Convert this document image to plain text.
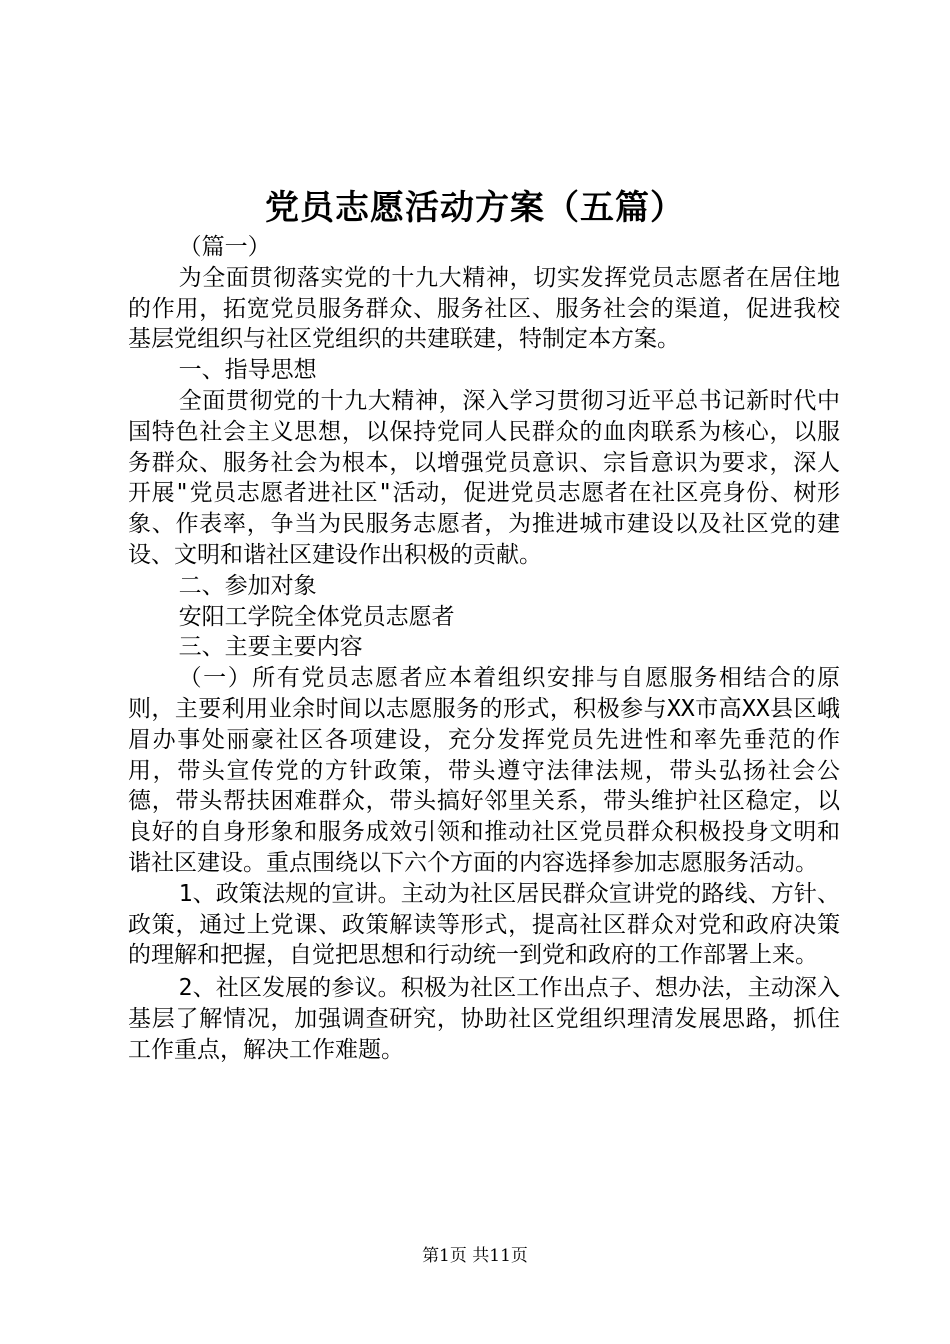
党员志愿活动方案（五篇）

（篇一）

为全面贯彻落实党的十九大精神，切实发挥党员志愿者在居住地的作用，拓宽党员服务群众、服务社区、服务社会的渠道，促进我校基层党组织与社区党组织的共建联建，特制定本方案。

一、指导思想

全面贯彻党的十九大精神，深入学习贯彻习近平总书记新时代中国特色社会主义思想，以保持党同人民群众的血肉联系为核心，以服务群众、服务社会为根本，以增强党员意识、宗旨意识为要求，深人开展"党员志愿者进社区"活动，促进党员志愿者在社区亮身份、树形象、作表率，争当为民服务志愿者，为推进城市建设以及社区党的建设、文明和谐社区建设作出积极的贡献。

二、参加对象

安阳工学院全体党员志愿者

三、主要主要内容

（一）所有党员志愿者应本着组织安排与自愿服务相结合的原则，主要利用业余时间以志愿服务的形式，积极参与XX市高XX县区峨眉办事处丽豪社区各项建设，充分发挥党员先进性和率先垂范的作用，带头宣传党的方针政策，带头遵守法律法规，带头弘扬社会公德，带头帮扶困难群众，带头搞好邻里关系，带头维护社区稳定，以良好的自身形象和服务成效引领和推动社区党员群众积极投身文明和谐社区建设。重点围绕以下六个方面的内容选择参加志愿服务活动。

1、政策法规的宣讲。主动为社区居民群众宣讲党的路线、方针、政策，通过上党课、政策解读等形式，提高社区群众对党和政府决策的理解和把握，自觉把思想和行动统一到党和政府的工作部署上来。

2、社区发展的参议。积极为社区工作出点子、想办法，主动深入基层了解情况，加强调查研究，协助社区党组织理清发展思路，抓住工作重点，解决工作难题。

第1页 共11页
